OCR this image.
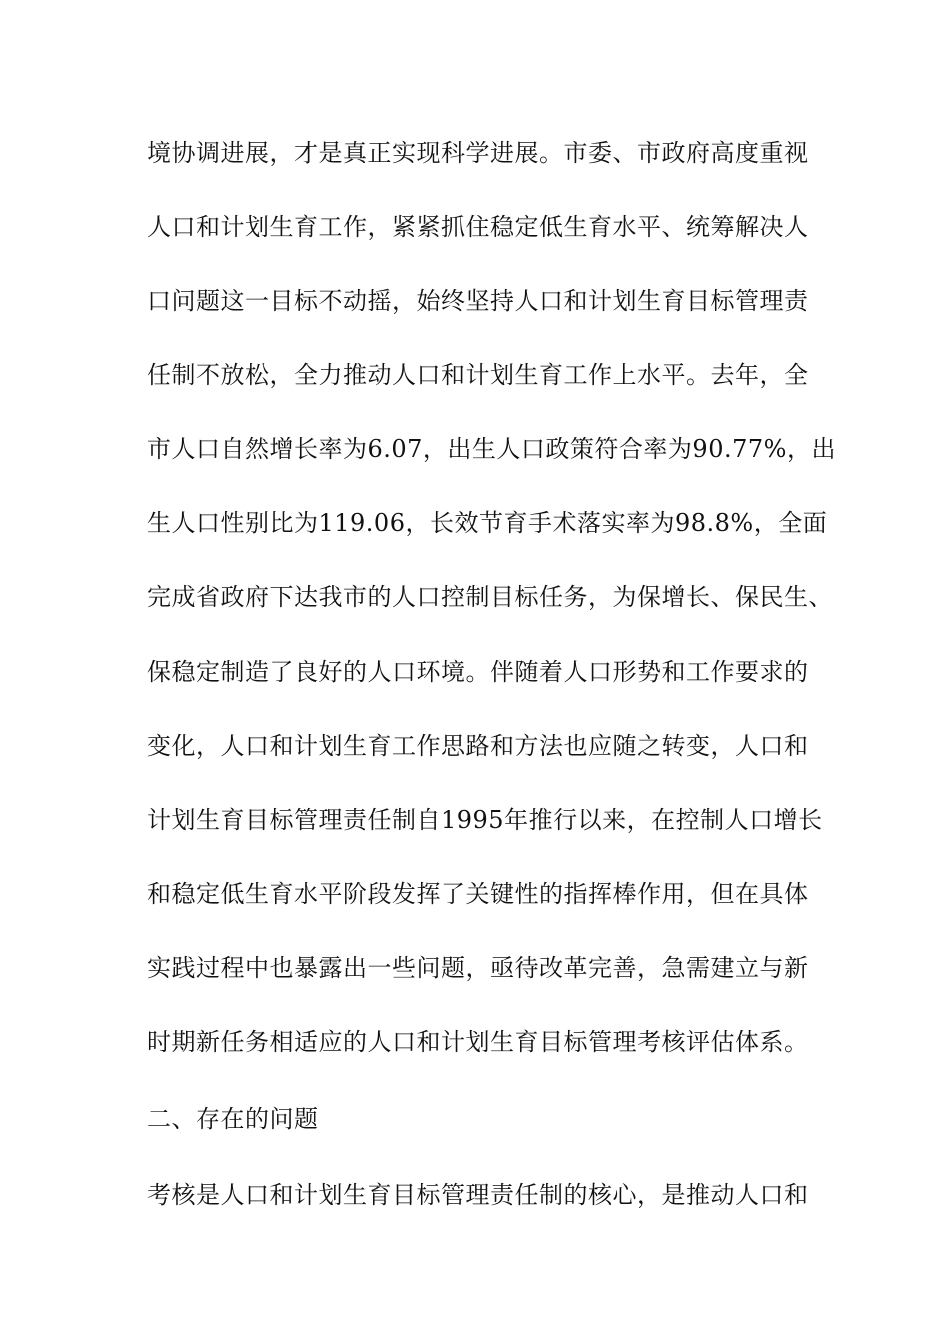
境协调进展，才是真正实现科学进展。市委、市政府高度重视
人口和计划生育工作，紧紧抓住稳定低生育水平、统筹解决人
口问题这一目标不动摇，始终坚持人口和计划生育目标管理责
任制不放松，全力推动人口和计划生育工作上水平。去年，全
市人口自然增长率为6.07，出生人口政策符合率为90.77%，出
生人口性别比为119.06，长效节育手术落实率为98.8%，全面
完成省政府下达我市的人口控制目标任务，为保增长、保民生、
保稳定制造了良好的人口环境。伴随着人口形势和工作要求的
变化，人口和计划生育工作思路和方法也应随之转变，人口和
计划生育目标管理责任制自1995年推行以来，在控制人口增长
和稳定低生育水平阶段发挥了关键性的指挥棒作用，但在具体
实践过程中也暴露出一些问题，亟待改革完善，急需建立与新
时期新任务相适应的人口和计划生育目标管理考核评估体系。
二、存在的问题
考核是人口和计划生育目标管理责任制的核心，是推动人口和
